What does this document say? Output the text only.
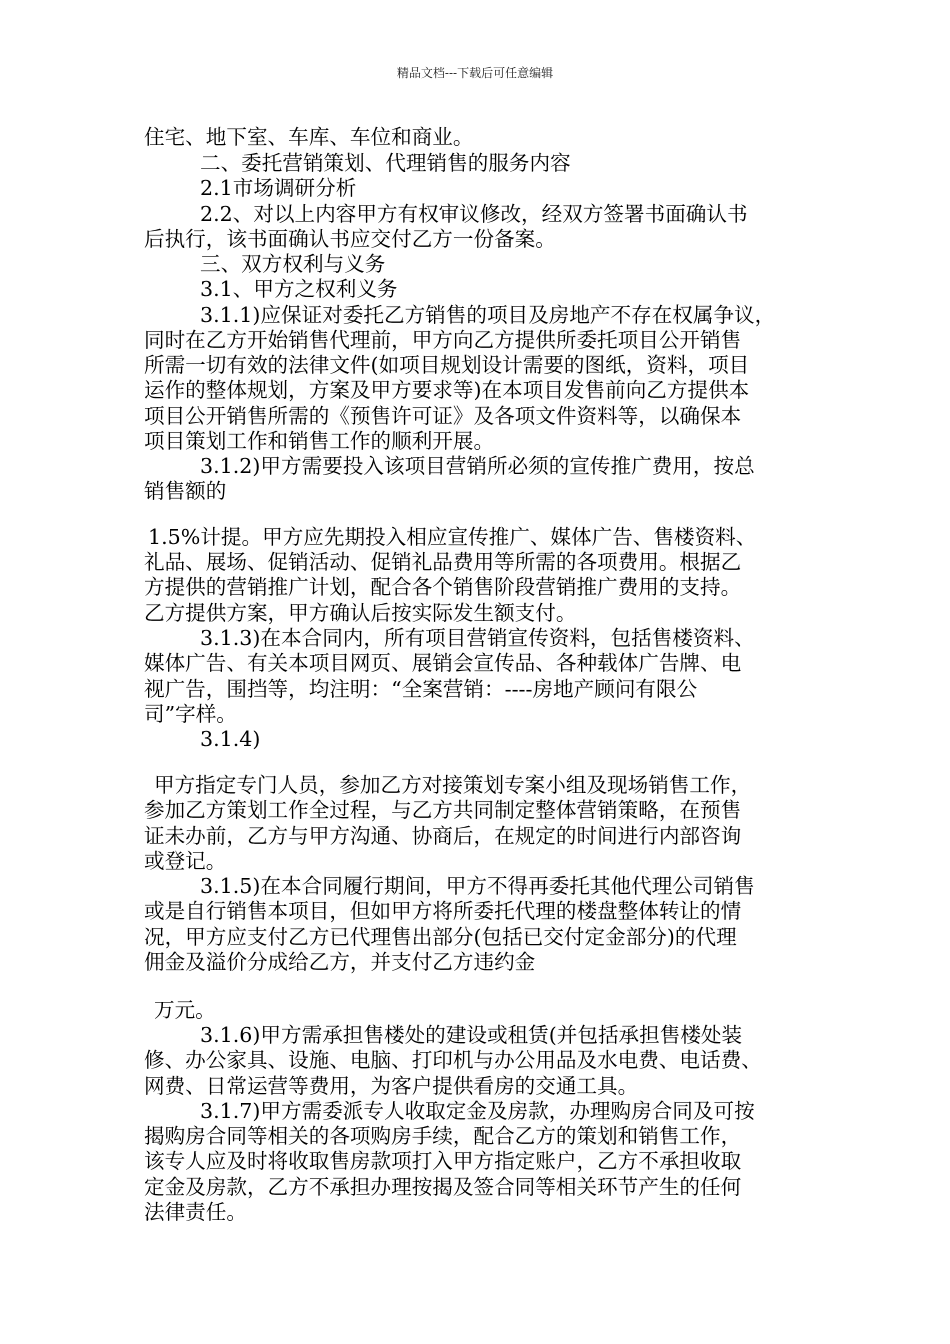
精品文档---下载后可任意编辑
住宅、地下室、车库、车位和商业。
二、委托营销策划、代理销售的服务内容
2.1市场调研分析
2.2、对以上内容甲方有权审议修改，经双方签署书面确认书
后执行，该书面确认书应交付乙方一份备案。
三、双方权利与义务
3.1、甲方之权利义务
3.1.1)应保证对委托乙方销售的项目及房地产不存在权属争议，
同时在乙方开始销售代理前，甲方向乙方提供所委托项目公开销售
所需一切有效的法律文件(如项目规划设计需要的图纸，资料，项目
运作的整体规划，方案及甲方要求等)在本项目发售前向乙方提供本
项目公开销售所需的《预售许可证》及各项文件资料等，以确保本
项目策划工作和销售工作的顺利开展。
3.1.2)甲方需要投入该项目营销所必须的宣传推广费用，按总
销售额的
1.5%计提。甲方应先期投入相应宣传推广、媒体广告、售楼资料、
礼品、展场、促销活动、促销礼品费用等所需的各项费用。根据乙
方提供的营销推广计划，配合各个销售阶段营销推广费用的支持。
乙方提供方案，甲方确认后按实际发生额支付。
3.1.3)在本合同内，所有项目营销宣传资料，包括售楼资料、
媒体广告、有关本项目网页、展销会宣传品、各种载体广告牌、电
视广告，围挡等，均注明：“全案营销：----房地产顾问有限公
司”字样。
3.1.4)
甲方指定专门人员，参加乙方对接策划专案小组及现场销售工作，
参加乙方策划工作全过程，与乙方共同制定整体营销策略，在预售
证未办前，乙方与甲方沟通、协商后，在规定的时间进行内部咨询
或登记。
3.1.5)在本合同履行期间，甲方不得再委托其他代理公司销售
或是自行销售本项目，但如甲方将所委托代理的楼盘整体转让的情
况，甲方应支付乙方已代理售出部分(包括已交付定金部分)的代理
佣金及溢价分成给乙方，并支付乙方违约金
万元。
3.1.6)甲方需承担售楼处的建设或租赁(并包括承担售楼处装
修、办公家具、设施、电脑、打印机与办公用品及水电费、电话费、
网费、日常运营等费用，为客户提供看房的交通工具。
3.1.7)甲方需委派专人收取定金及房款，办理购房合同及可按
揭购房合同等相关的各项购房手续，配合乙方的策划和销售工作，
该专人应及时将收取售房款项打入甲方指定账户，乙方不承担收取
定金及房款，乙方不承担办理按揭及签合同等相关环节产生的任何
法律责任。
